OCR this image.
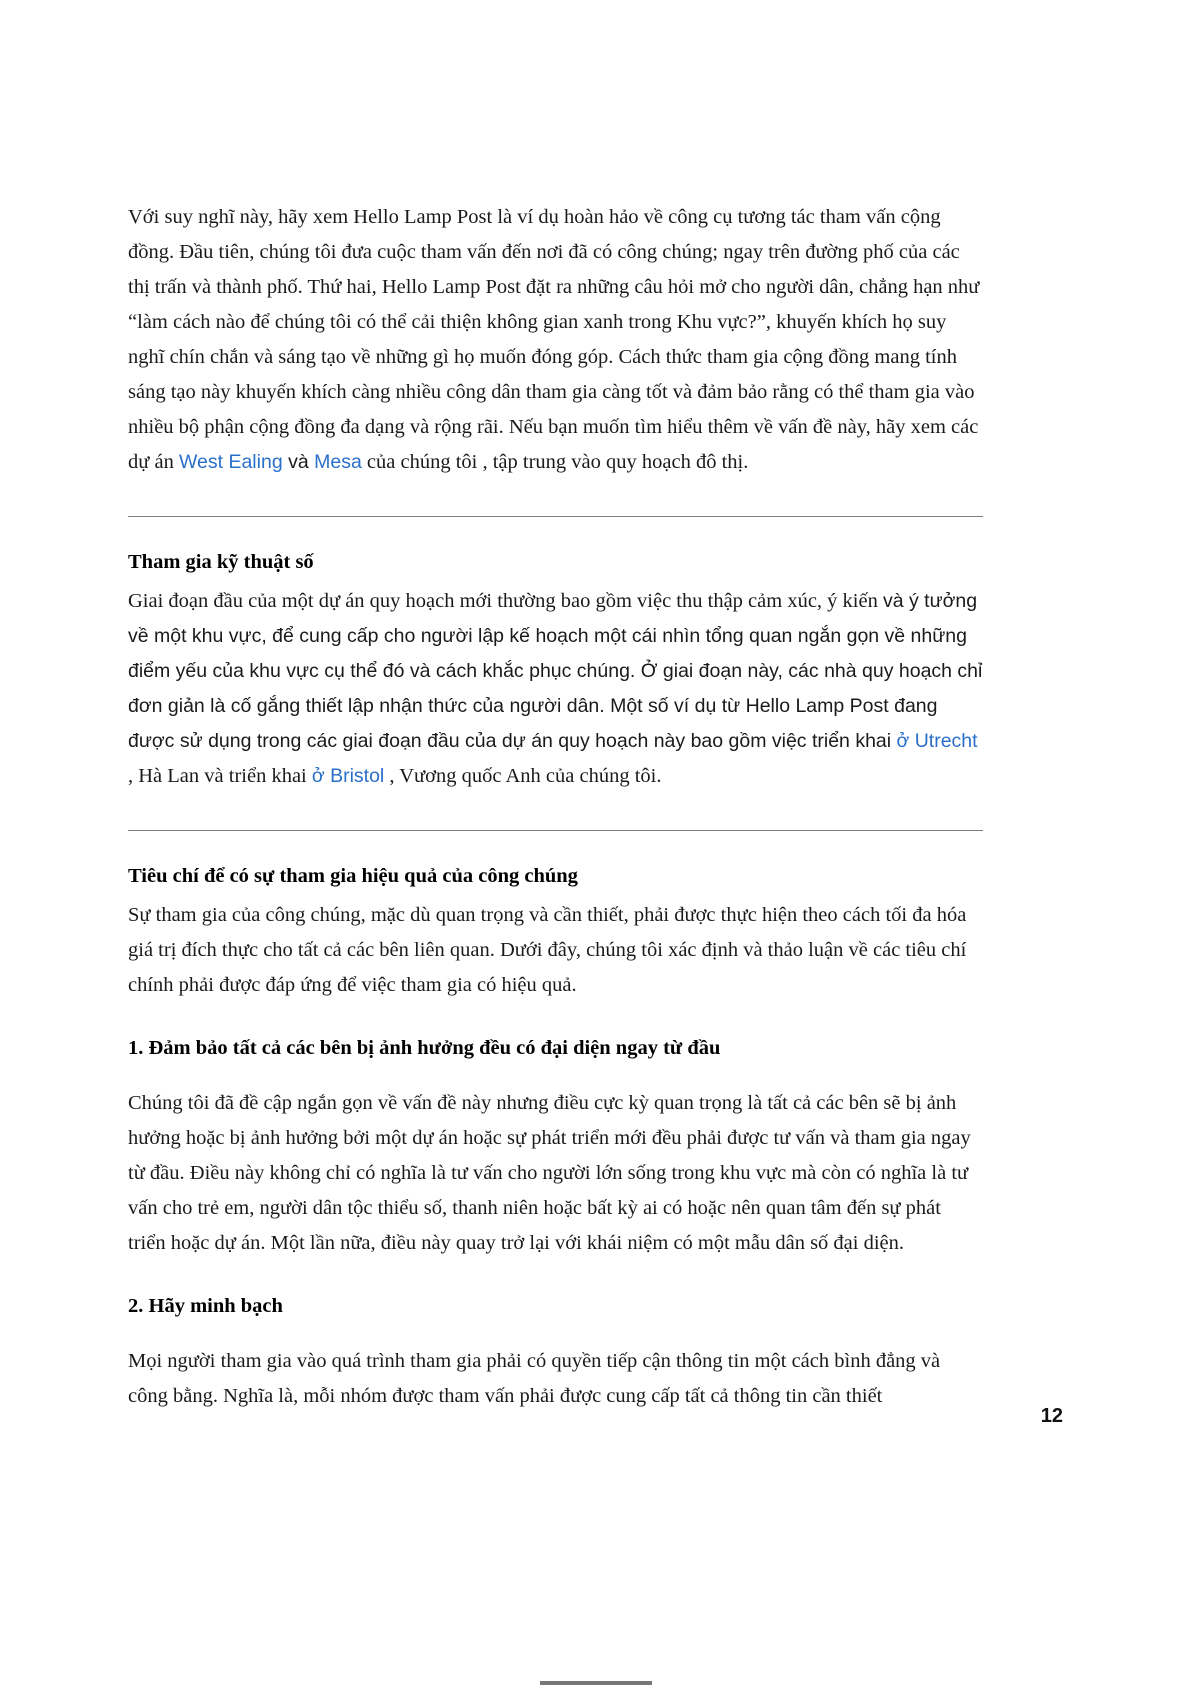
Với suy nghĩ này, hãy xem Hello Lamp Post là ví dụ hoàn hảo về công cụ tương tác tham vấn cộng đồng. Đầu tiên, chúng tôi đưa cuộc tham vấn đến nơi đã có công chúng; ngay trên đường phố của các thị trấn và thành phố. Thứ hai, Hello Lamp Post đặt ra những câu hỏi mở cho người dân, chẳng hạn như “làm cách nào để chúng tôi có thể cải thiện không gian xanh trong Khu vực?”, khuyến khích họ suy nghĩ chín chắn và sáng tạo về những gì họ muốn đóng góp. Cách thức tham gia cộng đồng mang tính sáng tạo này khuyến khích càng nhiều công dân tham gia càng tốt và đảm bảo rằng có thể tham gia vào nhiều bộ phận cộng đồng đa dạng và rộng rãi. Nếu bạn muốn tìm hiểu thêm về vấn đề này, hãy xem các dự án West Ealing và Mesa của chúng tôi , tập trung vào quy hoạch đô thị.

Tham gia kỹ thuật số

Giai đoạn đầu của một dự án quy hoạch mới thường bao gồm việc thu thập cảm xúc, ý kiến và ý tưởng về một khu vực, để cung cấp cho người lập kế hoạch một cái nhìn tổng quan ngắn gọn về những điểm yếu của khu vực cụ thể đó và cách khắc phục chúng. Ở giai đoạn này, các nhà quy hoạch chỉ đơn giản là cố gắng thiết lập nhận thức của người dân. Một số ví dụ từ Hello Lamp Post đang được sử dụng trong các giai đoạn đầu của dự án quy hoạch này bao gồm việc triển khai ở Utrecht , Hà Lan và triển khai ở Bristol , Vương quốc Anh của chúng tôi.

Tiêu chí để có sự tham gia hiệu quả của công chúng

Sự tham gia của công chúng, mặc dù quan trọng và cần thiết, phải được thực hiện theo cách tối đa hóa giá trị đích thực cho tất cả các bên liên quan. Dưới đây, chúng tôi xác định và thảo luận về các tiêu chí chính phải được đáp ứng để việc tham gia có hiệu quả.

1. Đảm bảo tất cả các bên bị ảnh hưởng đều có đại diện ngay từ đầu

Chúng tôi đã đề cập ngắn gọn về vấn đề này nhưng điều cực kỳ quan trọng là tất cả các bên sẽ bị ảnh hưởng hoặc bị ảnh hưởng bởi một dự án hoặc sự phát triển mới đều phải được tư vấn và tham gia ngay từ đầu. Điều này không chỉ có nghĩa là tư vấn cho người lớn sống trong khu vực mà còn có nghĩa là tư vấn cho trẻ em, người dân tộc thiểu số, thanh niên hoặc bất kỳ ai có hoặc nên quan tâm đến sự phát triển hoặc dự án. Một lần nữa, điều này quay trở lại với khái niệm có một mẫu dân số đại diện.

2. Hãy minh bạch

Mọi người tham gia vào quá trình tham gia phải có quyền tiếp cận thông tin một cách bình đẳng và công bằng. Nghĩa là, mỗi nhóm được tham vấn phải được cung cấp tất cả thông tin cần thiết

12
